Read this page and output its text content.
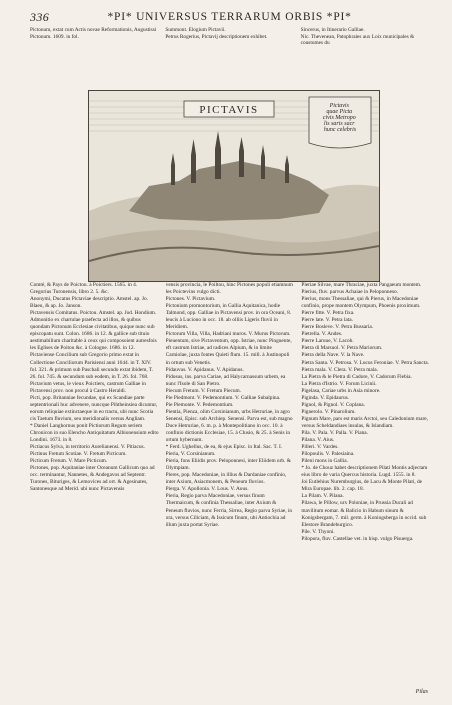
336	*PI* UNIVERSUS TERRARUM ORBIS *PI*
Pictonum, extat cum Actis novae Reformationis, Augustissi Pictonum. 1609. in fol.
Summont. Elogium Pictavii.
Petrus Rogerius, Pictavij descriptionem exhibet.
Sincerus, in Itinerario Galliae.
Nic. Thevenean, Patophraies aux Loix municipales & coustumes du
PICTAVIS	Pictavis quae Picta civis Metropo lis saris sacr hunc celebris

Comté, & Pays de Poictou. à Poictiers. 1565. in 4.

Gregorius Turonensis, libro 2. 5. &c.

Anonymi, Ducatus Pictaviae descriptio. Amstel. ap. Jo. Blaeu, & ap. Jo. Janson.

Pictavensis Comitatus. Poictou. Amstel. ap. Jod. Hondium.

Admonitio ex chartulae praefecta ad illos, & quibus quondam Pictonum Ecclesiae civitatibus, quique nunc sub episcopatu sunt. Colon. 1686. in 12. & gallice sub tituio aestimabilium charitable à ceux qui composoient autresfois les Eglises de Poitou &c. à Cologne. 1686. in 12.

Pictaviense Concilium sub Gregorio primo extat in Collectione Conciliorum Parisiensi anni 1644. in T. XIV. fol. 321. & primum sub Paschali secundo extat ibidem, T. 26. fol. 745. & secundum sub eodem, in T. 26. fol. 768.

Pictavium vetus, le vieux Poictiers, castrum Galliae in Pictavensi prov. non procul à Castro Heraldi.

Picti, pop. Britanniae fecundae, qui ex Scandiae parte septentrionali huc advenere, nuncque Pihtheinsiea dicuntur, eorum reliquiae extinctaeque in eo tractu, ubi nunc Scotia cis Taetum fluvium, seu meridionalis versus Angliam.

* Daniel Langhornus ponit Pictiorum Regum seriem Chronicon in suo Elencho Antiquitatum Albionensium edito Londini. 1673. in 8.

Pictiacus Sylva, in territorio Aurelianensi. V. Pitiacus.

Pictinus Fretum Scotiae. V. Fretum Picticum.

Picticum Fretum. V. Mare Picticum.

Pictones, pop. Aquitaniae inter Oceanum Gallicum quo ad occ. terminantur, Nannetes, & Andegavos ad Septentr. Turones, Bituriges, & Lemovices ad ort. & Agesinates, Santonesque ad Merid. ubi nunc Pictavensis

vensis provincia, le Poiltou, hinc Pictones populi etiamnum les Poictevins vulgo dicti.

Pictones. V. Pictavium.

Pictonium promontorium, in Gallia Aquitanica, hodie Talmond, opp. Galliae in Pictavensi prov. in ora Oceani, 8. leucis à Luciono in occ. 18. ab olliis Ligeris fluvii in Meridiem.

Pictorum Villa, Villa, Hadriani muros. V. Murus Pictorum.

Pieuentum, sive Pictaventum, opp. Istriae, nunc Pinguente, eft castrum Istriae, ad radices Alpium, & in limite Carniolae, juxta fontes Quieti flum. 15. mill. à Justinopoli in ortum sub Venetis.

Pidauvus. V. Apidanus. V. Apidanus.

Pidosus, ins. parva Cariae, ad Halycarnassum urbem, ea nunc l'Isole di San Pietro.

Piecum Fretum. V. Fretum Piecum.

Pie Piedmont. V. Pedemontium. V. Galliae Subalpina.

Pie Piemonte. V. Pedemontium.

Pientia, Pienza, olim Corsinianum, urbs Hetruriae, in agro Senensi, Episc. sub Archiep. Senensi. Parva est, sub magno Duce Hetruriae, 6. m. p. à Montepolitiano in occ. 10. à confinio dictionis Ecclesiae, 15. à Clusio, & 25. à Senis in ortum hybernum.

* Ferd. Ughellus, de ea, & ejus Episc. in Ital. Sac. T. I.

Pieria, V. Corsinianum.

Pieria, fons Eliidis prov. Peloponnesi, inter Eliidem urb. & Olympiam.

Pieres, pop. Macedoniae, in illius & Dardaniae confinio, inter Axium, Asiacmonem, & Peneum fluvios.

Pierga. V. Apollonia. V. Lous. V. Aous.

Pieria, Regio parva Macedoniae, versus finum Thermaicum, & confinia Thessaliae, inter Axium & Peneum fluvios, nunc Ferria, Sirrea, Regio parva Syriae, in ora, versus Ciliciam, & Issicum finum, ubi Antiochia ad illum juxta portat Syriae.

Pieriae Silvae, mare Thraciae, juxta Pangaeum montem.

Pierius, fluv. parvus Achaiae in Peloponneso.

Pierius, mons Thessaliae, qui & Pierus, in Macedoniae confinio, prope montem Olympum, Phoenis proximum.

Pierre fitte. V. Petra fixa.

Pierre late. V. Petra lata.

Pierre Bosleve. V. Petra Bussaria.

Pietrella. V. Andes.

Pierre Laruue, V. Lacob.

Pietra di Marsuol. V. Petra Mariorum.

Pietra della Nave. V. la Nave.

Pietra Santa. V. Petrosa. V. Lucus Feroniae. V. Petra Sancta.

Pietra mala. V. Clera. V. Petra mala.

La Pietra & le Pietra di Cadore, V. Cadorum Flebia.

La Pietra d'Istrio. V. Forum Licinii.

Pigelasa, Cariae urbs in Asia minore.

Piginda. V. Epidaurus.

Pignol, & Pignol. V. Coplana.

Pignerolo. V. Pinarolium.

Pignum Mare, pars est maris Arctoi, seu Caledonium mare, versus Scheldandiaes insulas, & Islandiam.

Pila. V. Pala. V. Palla. V. Piana.

Pilana. V. Aius.

Pilleri. V. Vardes.

Pilopoulis. V. Palesiaina.

Pileni mons in Gallia.

* Jo. de Chouz habet descriptionem Pilati Montis adjectam eius libro de varia Quercus historia. Lugd. 1555. in 8.

Joi Eutlehius Nuremburgius, de Lacu & Monte Pilati, de Mira Europae. lib. 2. cap. 18.

La Pilam. V. Pilana.

Pilawa, le Pillow, urx Poloniae, in Prussia Ducali ad mavilitum eomar. & Balicio in Habum sinum & Konigsbergam, 7. mil. germ. à Koniogsberga in occid. sub Elestore Brandeburgico.

Pile. V. Thyoni.

Pilopora, fluv. Castellae vet. in hisp. vulgo Pisuerga.

Pilas
